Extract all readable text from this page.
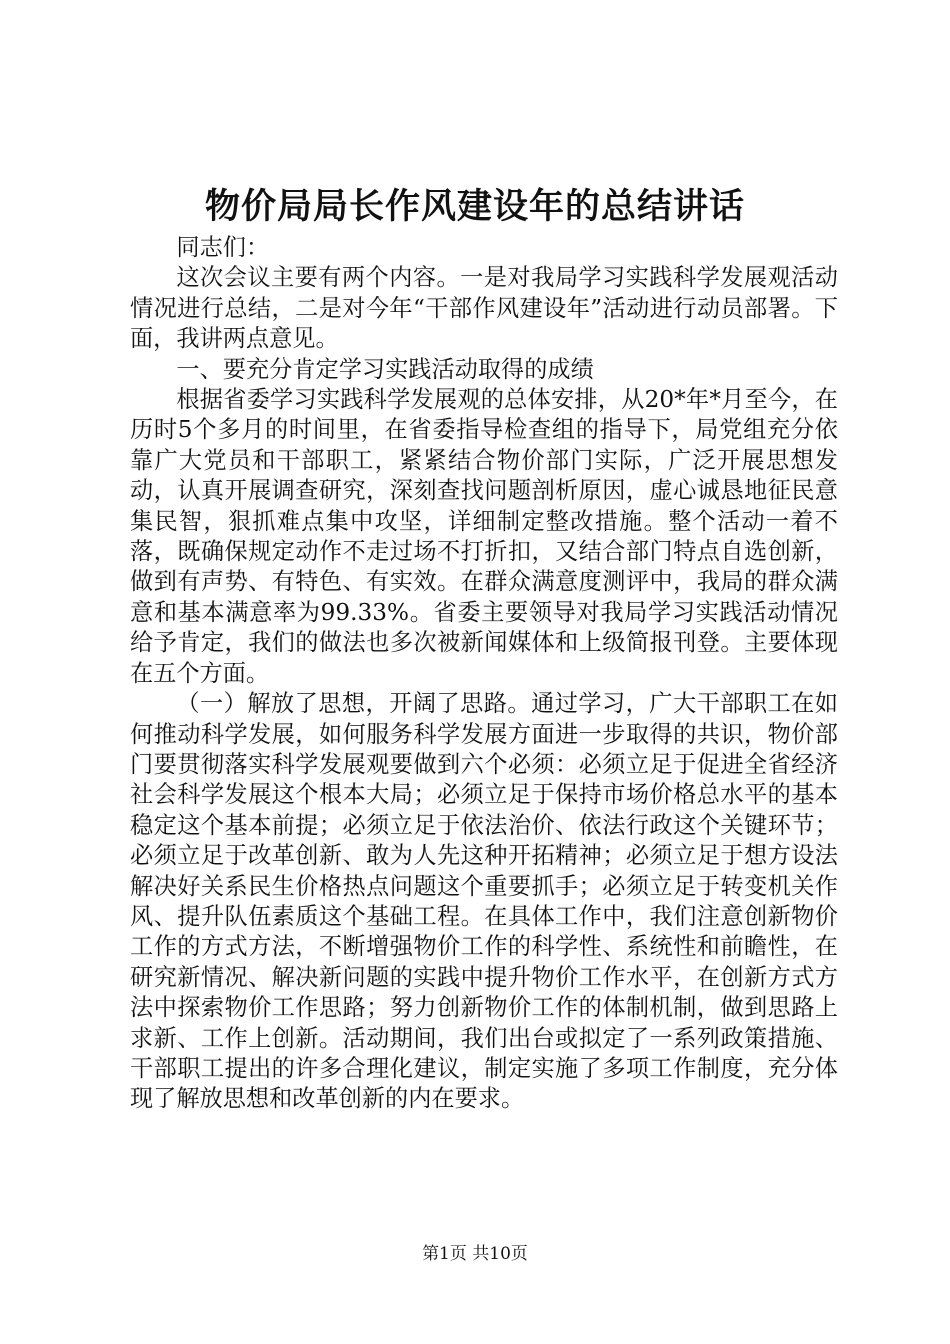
物价局局长作风建设年的总结讲话

同志们：

这次会议主要有两个内容。一是对我局学习实践科学发展观活动情况进行总结，二是对今年“干部作风建设年”活动进行动员部署。下面，我讲两点意见。

一、要充分肯定学习实践活动取得的成绩

根据省委学习实践科学发展观的总体安排，从20*年*月至今，在历时5个多月的时间里，在省委指导检查组的指导下，局党组充分依靠广大党员和干部职工，紧紧结合物价部门实际，广泛开展思想发动，认真开展调查研究，深刻查找问题剖析原因，虚心诚恳地征民意集民智，狠抓难点集中攻坚，详细制定整改措施。整个活动一着不落，既确保规定动作不走过场不打折扣，又结合部门特点自选创新，做到有声势、有特色、有实效。在群众满意度测评中，我局的群众满意和基本满意率为99.33%。省委主要领导对我局学习实践活动情况给予肯定，我们的做法也多次被新闻媒体和上级简报刊登。主要体现在五个方面。

（一）解放了思想，开阔了思路。通过学习，广大干部职工在如何推动科学发展，如何服务科学发展方面进一步取得的共识，物价部门要贯彻落实科学发展观要做到六个必须：必须立足于促进全省经济社会科学发展这个根本大局；必须立足于保持市场价格总水平的基本稳定这个基本前提；必须立足于依法治价、依法行政这个关键环节；必须立足于改革创新、敢为人先这种开拓精神；必须立足于想方设法解决好关系民生价格热点问题这个重要抓手；必须立足于转变机关作风、提升队伍素质这个基础工程。在具体工作中，我们注意创新物价工作的方式方法，不断增强物价工作的科学性、系统性和前瞻性，在研究新情况、解决新问题的实践中提升物价工作水平，在创新方式方法中探索物价工作思路；努力创新物价工作的体制机制，做到思路上求新、工作上创新。活动期间，我们出台或拟定了一系列政策措施、干部职工提出的许多合理化建议，制定实施了多项工作制度，充分体现了解放思想和改革创新的内在要求。

第1页 共10页
